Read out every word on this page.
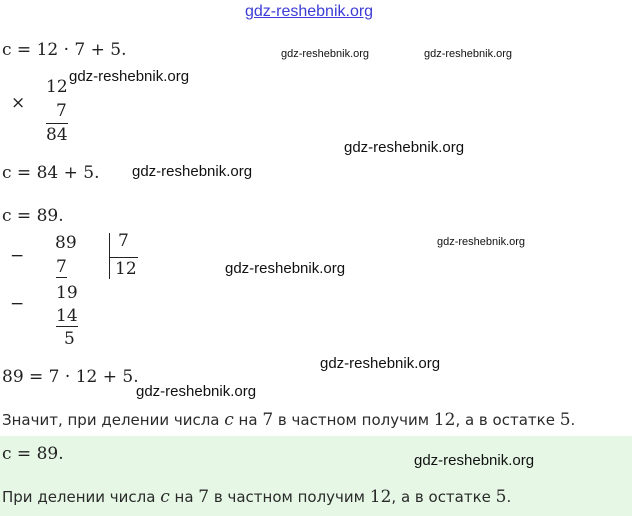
gdz-reshebnik.org
c = 12 · 7 + 5.	gdz-reshebnik.org	gdz-reshebnik.org
×
12
7
84
gdz-reshebnik.org
gdz-reshebnik.org
c = 84 + 5. gdz-reshebnik.org
c = 89.
−
89
7
7
12
−
19
14
5
gdz-reshebnik.org
gdz-reshebnik.org
gdz-reshebnik.org
89 = 7 · 12 + 5.
gdz-reshebnik.org
Значит, при делении числа c на 7 в частном получим 12, а в остатке 5.
c = 89.	gdz-reshebnik.org
При делении числа c на 7 в частном получим 12, а в остатке 5.
